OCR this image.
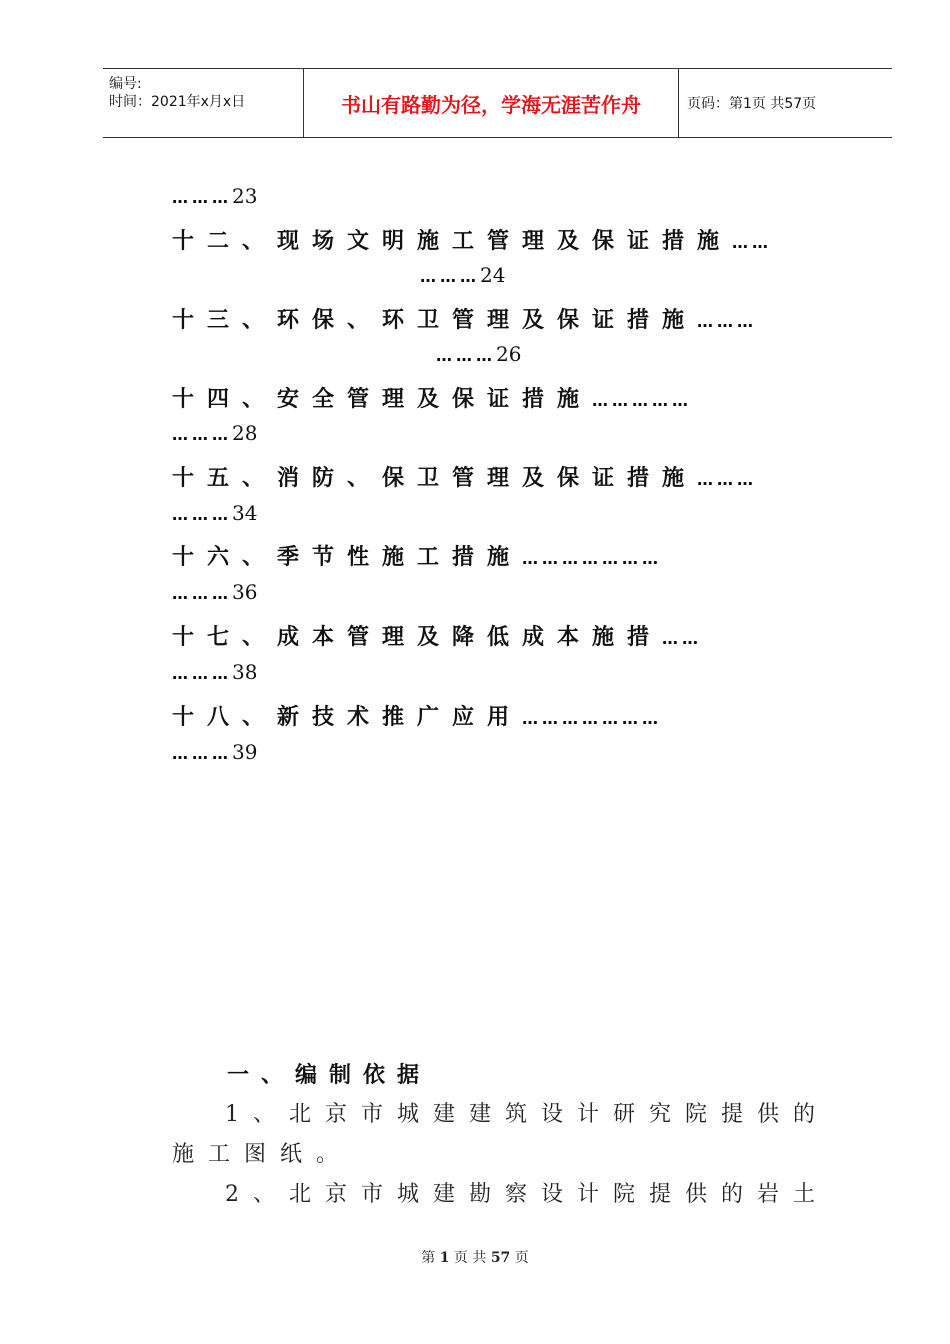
编号:
时间：2021年x月x日	书山有路勤为径，学海无涯苦作舟	页码：第1页 共57页
………23
十二、现场文明施工管理及保证措施……
………24
十三、环保、环卫管理及保证措施………
………26
十四、安全管理及保证措施……………
………28
十五、消防、保卫管理及保证措施………
………34
十六、季节性施工措施…………………
………36
十七、成本管理及降低成本施措……
………38
十八、新技术推广应用…………………
………39
一、编制依据
1、北京市城建建筑设计研究院提供的
施工图纸。
2、北京市城建勘察设计院提供的岩土
第 1 页 共 57 页
